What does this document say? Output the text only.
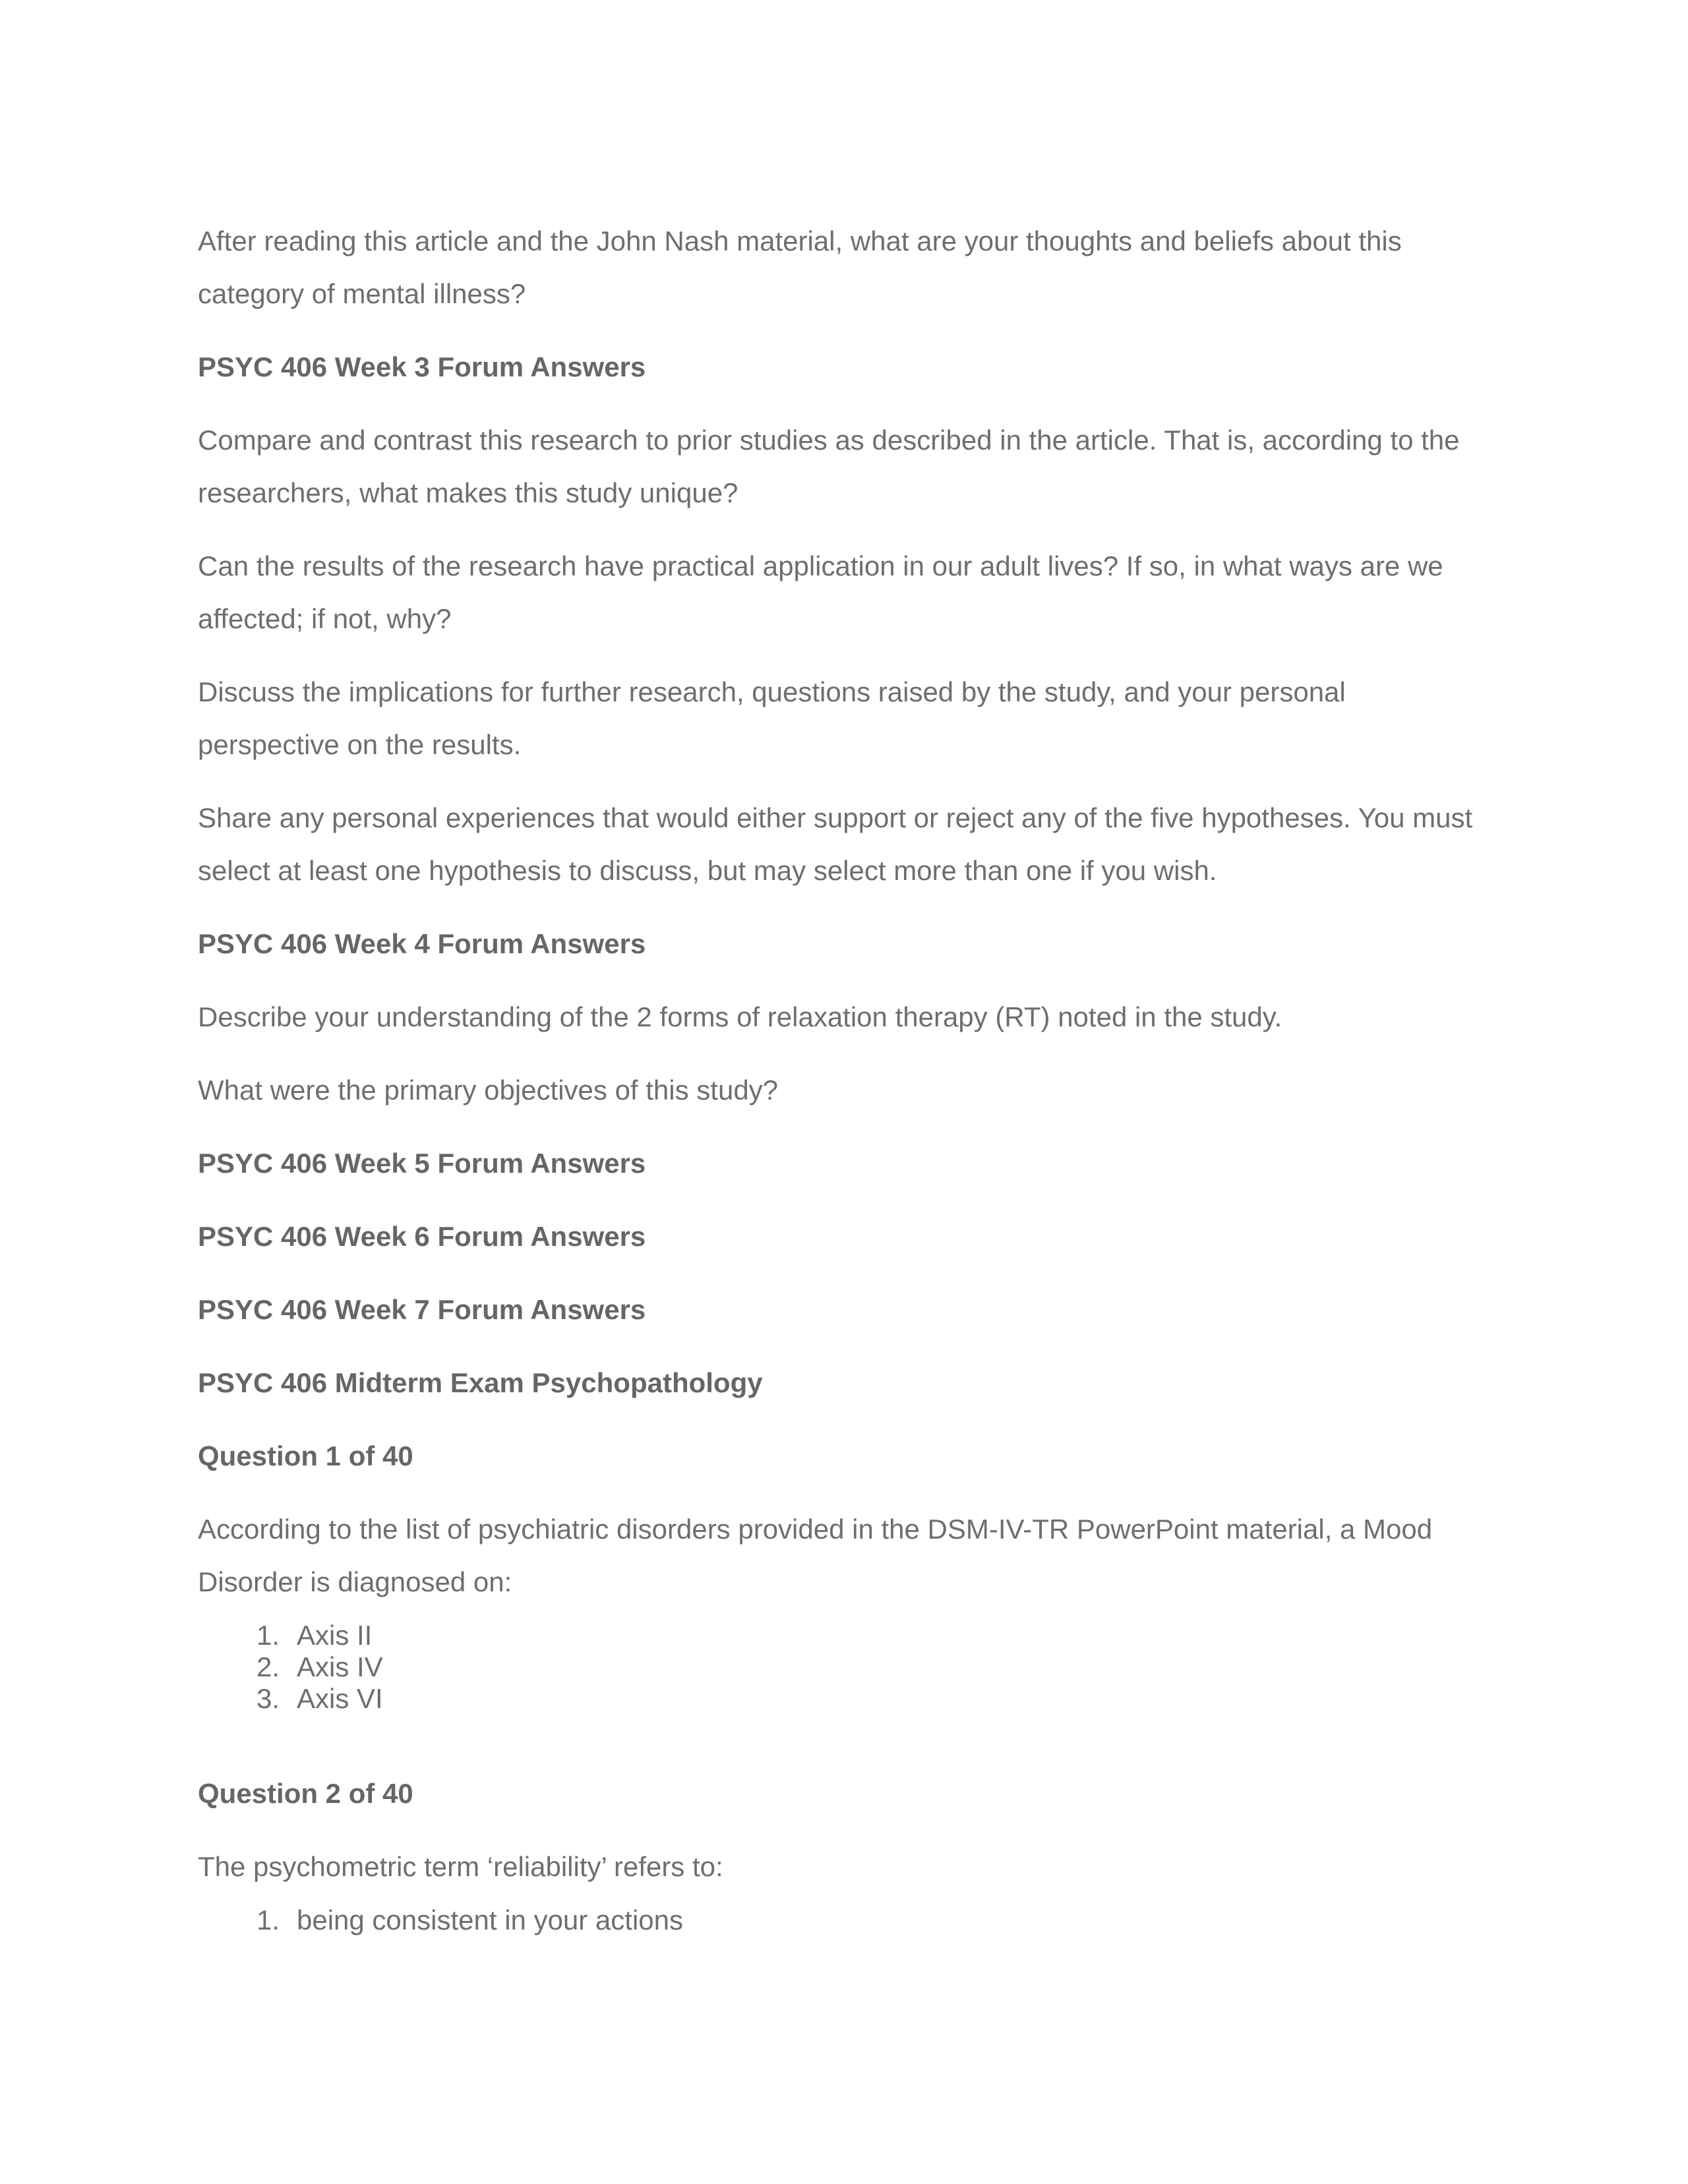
After reading this article and the John Nash material, what are your thoughts and beliefs about this category of mental illness?

PSYC 406 Week 3 Forum Answers

Compare and contrast this research to prior studies as described in the article. That is, according to the researchers, what makes this study unique?

Can the results of the research have practical application in our adult lives? If so, in what ways are we affected; if not, why?

Discuss the implications for further research, questions raised by the study, and your personal perspective on the results.

Share any personal experiences that would either support or reject any of the five hypotheses. You must select at least one hypothesis to discuss, but may select more than one if you wish.

PSYC 406 Week 4 Forum Answers

Describe your understanding of the 2 forms of relaxation therapy (RT) noted in the study.

What were the primary objectives of this study?

PSYC 406 Week 5 Forum Answers
PSYC 406 Week 6 Forum Answers
PSYC 406 Week 7 Forum Answers
PSYC 406 Midterm Exam Psychopathology
Question 1 of 40

According to the list of psychiatric disorders provided in the DSM-IV-TR PowerPoint material, a Mood Disorder is diagnosed on:

1. Axis II
2. Axis IV
3. Axis VI
Question 2 of 40

The psychometric term ‘reliability’ refers to:

1. being consistent in your actions
